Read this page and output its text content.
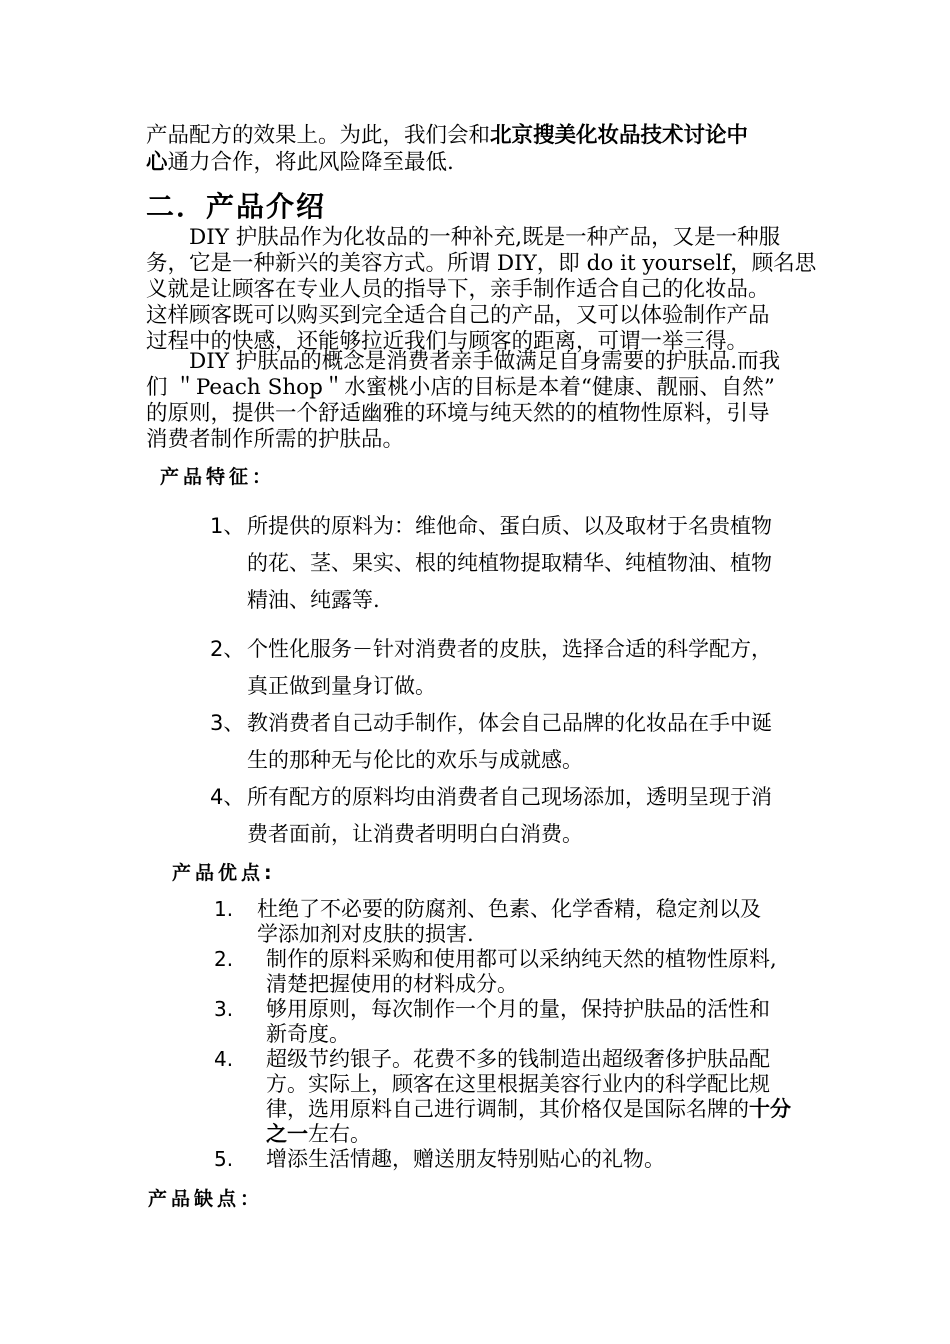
产品配方的效果上。为此，我们会和北京搜美化妆品技术讨论中
心通力合作，将此风险降至最低.
二．产品介绍
　　DIY 护肤品作为化妆品的一种补充,既是一种产品，又是一种服
务，它是一种新兴的美容方式。所谓 DIY，即 do it yourself，顾名思
义就是让顾客在专业人员的指导下，亲手制作适合自己的化妆品。
这样顾客既可以购买到完全适合自己的产品，又可以体验制作产品
过程中的快感，还能够拉近我们与顾客的距离，可谓一举三得。
　　DIY 护肤品的概念是消费者亲手做满足自身需要的护肤品.而我
们 ＂Peach Shop＂水蜜桃小店的目标是本着“健康、靓丽、自然”
的原则，提供一个舒适幽雅的环境与纯天然的的植物性原料，引导
消费者制作所需的护肤品。
产品特征：
1、 所提供的原料为：维他命、蛋白质、以及取材于名贵植物
的花、茎、果实、根的纯植物提取精华、纯植物油、植物
精油、纯露等.
2、 个性化服务－针对消费者的皮肤，选择合适的科学配方，
真正做到量身订做。
3、 教消费者自己动手制作，体会自己品牌的化妆品在手中诞
生的那种无与伦比的欢乐与成就感。
4、 所有配方的原料均由消费者自己现场添加，透明呈现于消
费者面前，让消费者明明白白消费。
产品优点:
1. 杜绝了不必要的防腐剂、色素、化学香精，稳定剂以及
学添加剂对皮肤的损害.
2. 制作的原料采购和使用都可以采纳纯天然的植物性原料,
清楚把握使用的材料成分。
3. 够用原则，每次制作一个月的量，保持护肤品的活性和
新奇度。
4. 超级节约银子。花费不多的钱制造出超级奢侈护肤品配
方。实际上，顾客在这里根据美容行业内的科学配比规
律，选用原料自己进行调制，其价格仅是国际名牌的十分
之一左右。
5. 增添生活情趣，赠送朋友特别贴心的礼物。
产品缺点：
